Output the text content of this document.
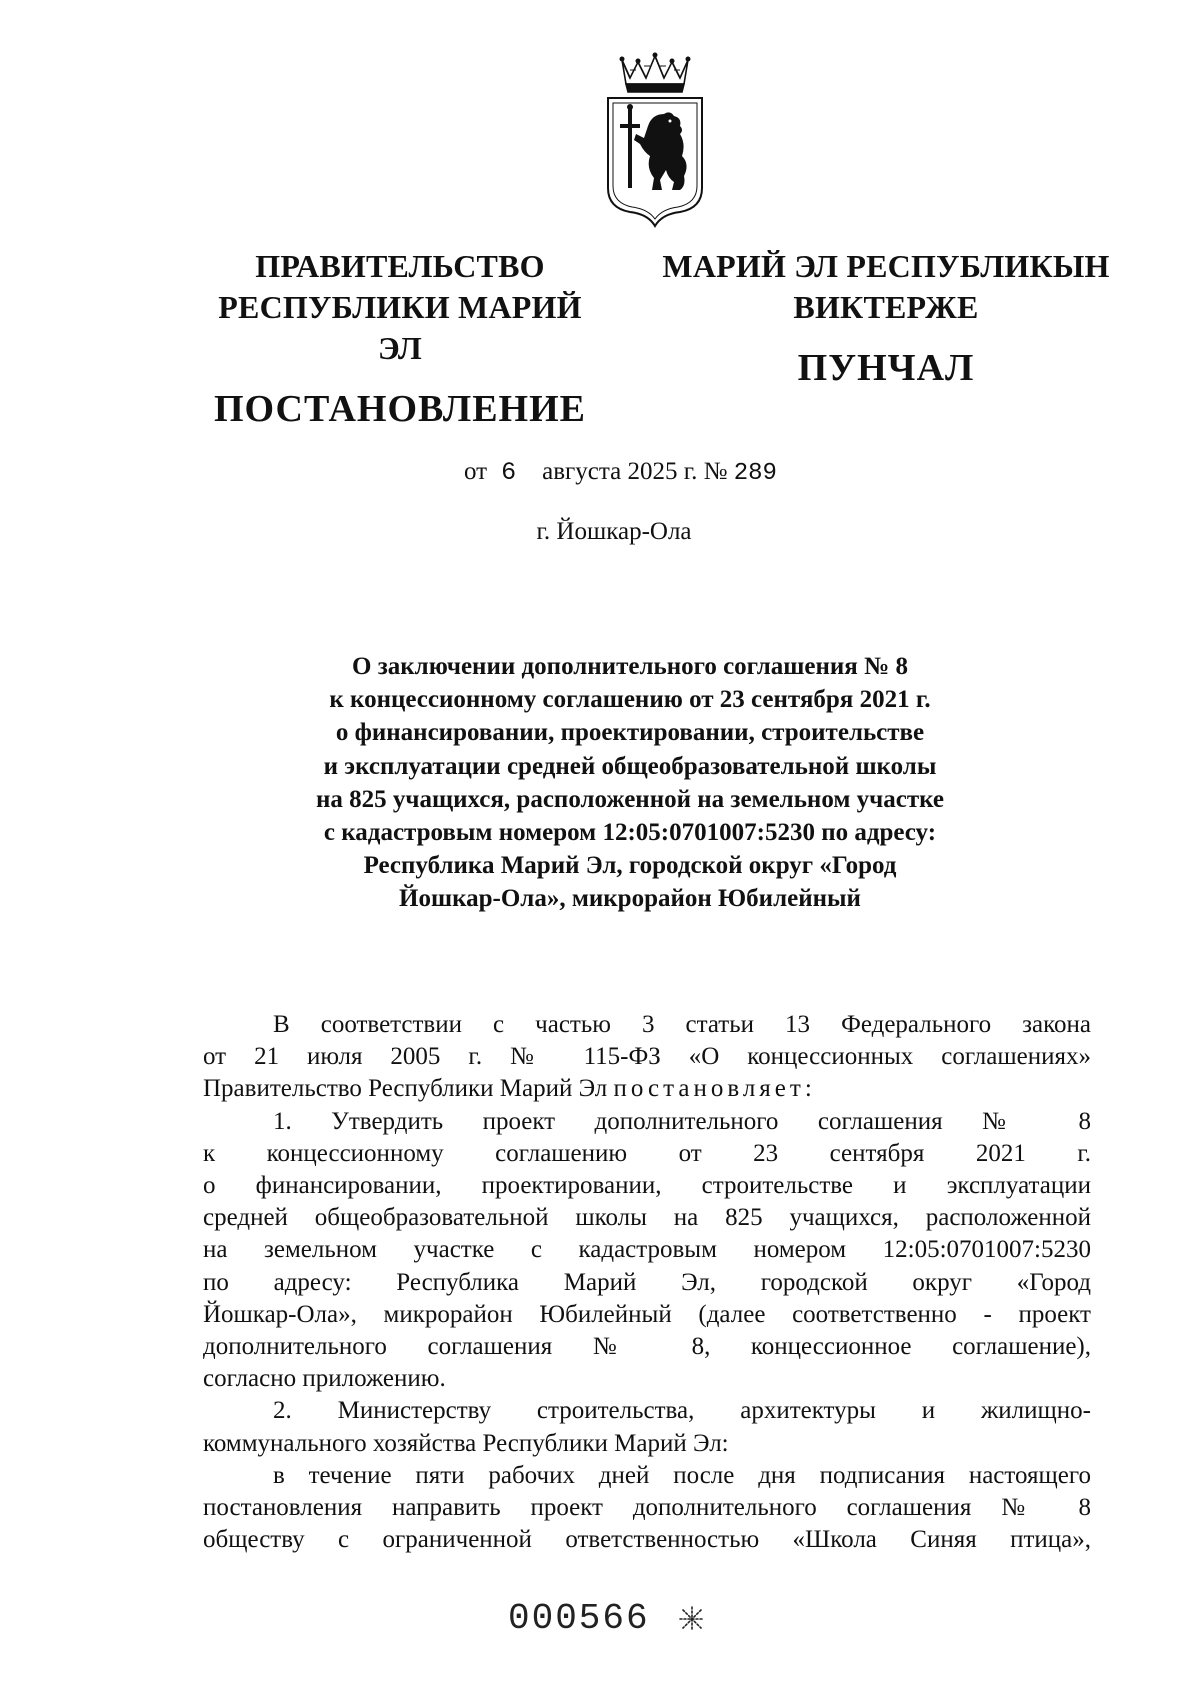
ПРАВИТЕЛЬСТВО
РЕСПУБЛИКИ МАРИЙ ЭЛ
ПОСТАНОВЛЕНИЕ
МАРИЙ ЭЛ РЕСПУБЛИКЫН
ВИКТЕРЖЕ
ПУНЧАЛ
от 6 августа 2025 г. № 289
г. Йошкар-Ола
О заключении дополнительного соглашения № 8
к концессионному соглашению от 23 сентября 2021 г.
о финансировании, проектировании, строительстве
и эксплуатации средней общеобразовательной школы
на 825 учащихся, расположенной на земельном участке
с кадастровым номером 12:05:0701007:5230 по адресу:
Республика Марий Эл, городской округ «Город
Йошкар-Ола», микрорайон Юбилейный
В соответствии с частью 3 статьи 13 Федерального закона
от 21 июля 2005 г. № 115-ФЗ «О концессионных соглашениях»
Правительство Республики Марий Эл постановляет:
1. Утвердить проект дополнительного соглашения № 8
к концессионному соглашению от 23 сентября 2021 г.
о финансировании, проектировании, строительстве и эксплуатации
средней общеобразовательной школы на 825 учащихся, расположенной
на земельном участке с кадастровым номером 12:05:0701007:5230
по адресу: Республика Марий Эл, городской округ «Город
Йошкар-Ола», микрорайон Юбилейный (далее соответственно - проект
дополнительного соглашения № 8, концессионное соглашение),
согласно приложению.
2. Министерству строительства, архитектуры и жилищно-
коммунального хозяйства Республики Марий Эл:
в течение пяти рабочих дней после дня подписания настоящего
постановления направить проект дополнительного соглашения № 8
обществу с ограниченной ответственностью «Школа Синяя птица»,
000566
